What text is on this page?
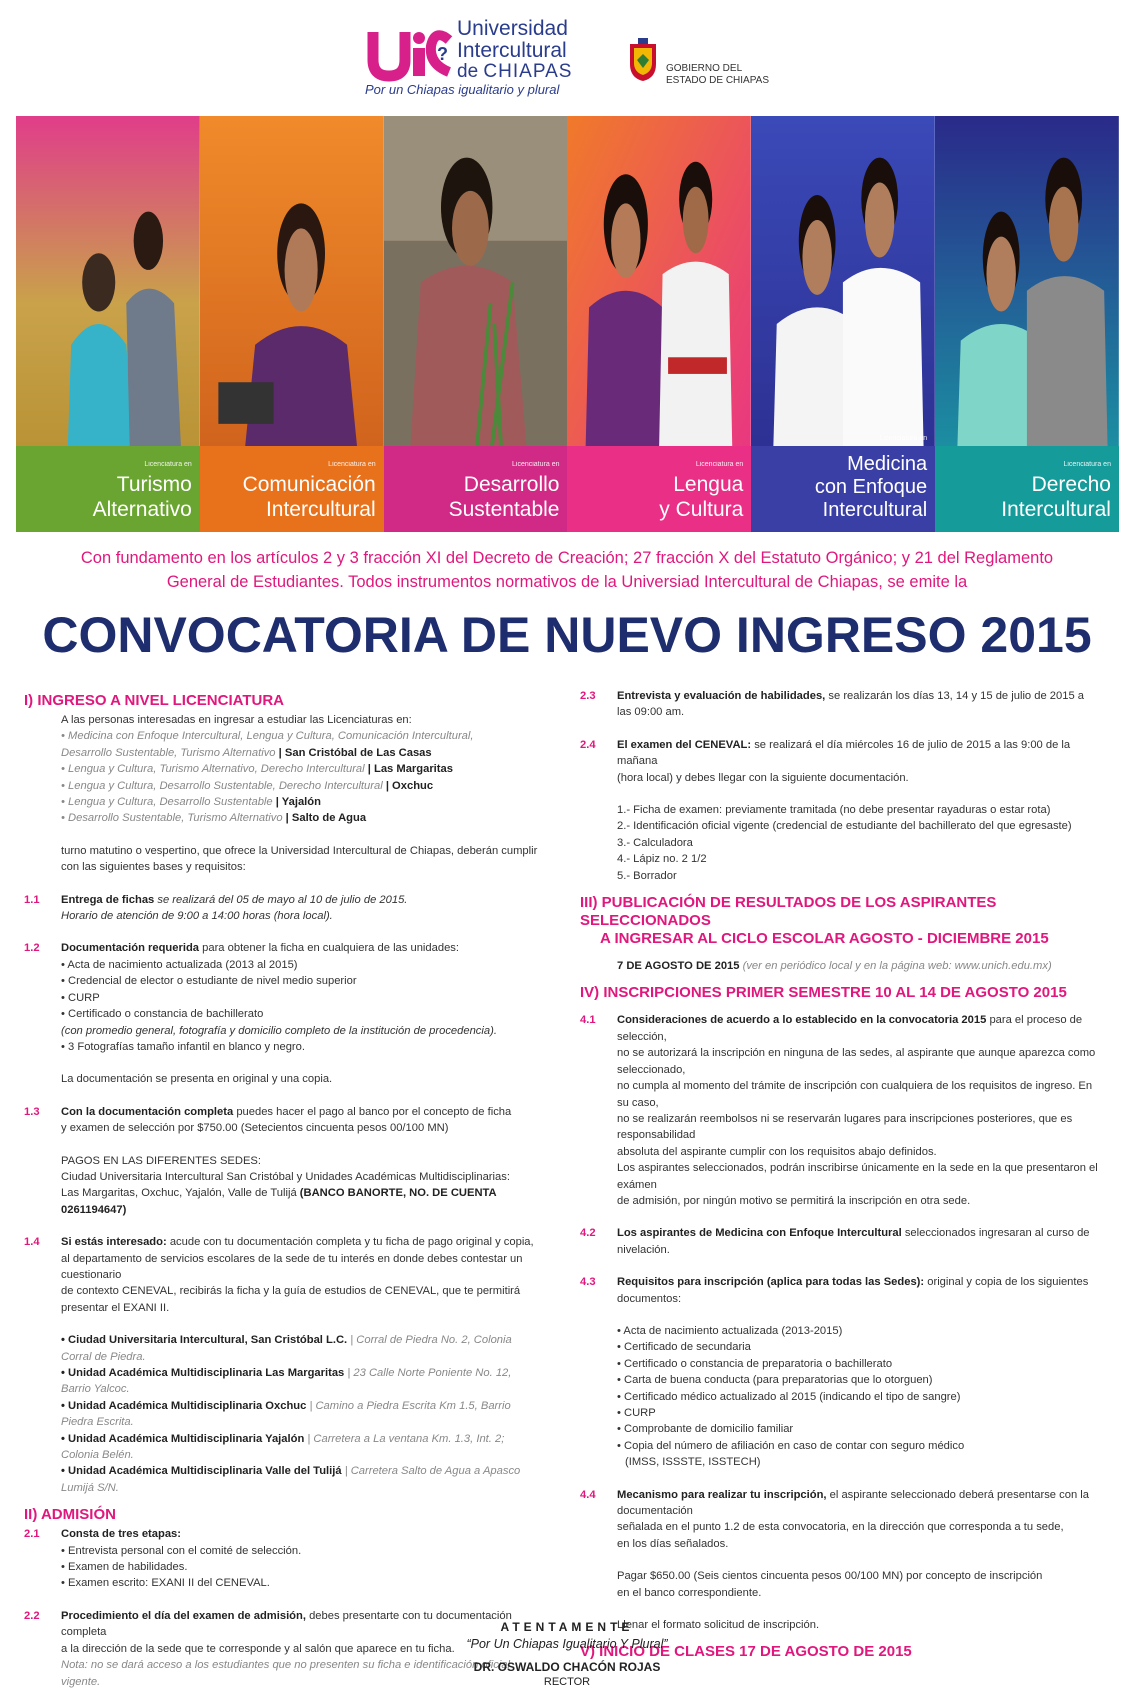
?
Universidad
Intercultural
de CHIAPAS
Por un Chiapas igualitario y plural
GOBIERNO DEL
ESTADO DE CHIAPAS
Licenciatura en
Turismo
Alternativo
Licenciatura en
Comunicación
Intercultural
Licenciatura en
Desarrollo
Sustentable
Licenciatura en
Lengua
y Cultura
Licenciatura en
Medicina
con Enfoque
Intercultural
Licenciatura en
Derecho
Intercultural
Con fundamento en los artículos 2 y 3 fracción XI del Decreto de Creación; 27 fracción X del Estatuto Orgánico; y 21 del Reglamento
General de Estudiantes. Todos instrumentos normativos de la Universiad Intercultural de Chiapas, se emite la
CONVOCATORIA DE NUEVO INGRESO 2015
I) INGRESO A NIVEL LICENCIATURA
A las personas interesadas en ingresar a estudiar las Licenciaturas en:
• Medicina con Enfoque Intercultural, Lengua y Cultura, Comunicación Intercultural,
Desarrollo Sustentable, Turismo Alternativo | San Cristóbal de Las Casas
• Lengua y Cultura, Turismo Alternativo, Derecho Intercultural | Las Margaritas
• Lengua y Cultura, Desarrollo Sustentable, Derecho Intercultural | Oxchuc
• Lengua y Cultura, Desarrollo Sustentable | Yajalón
• Desarrollo Sustentable, Turismo Alternativo | Salto de Agua
turno matutino o vespertino, que ofrece la Universidad Intercultural de Chiapas, deberán cumplir
con las siguientes bases y requisitos:
1.1 Entrega de fichas se realizará del 05 de mayo al 10 de julio de 2015.
Horario de atención de 9:00 a 14:00 horas (hora local).
1.2 Documentación requerida para obtener la ficha en cualquiera de las unidades:
• Acta de nacimiento actualizada (2013 al 2015)
• Credencial de elector o estudiante de nivel medio superior
• CURP
• Certificado o constancia de bachillerato
(con promedio general, fotografía y domicilio completo de la institución de procedencia).
• 3 Fotografías tamaño infantil en blanco y negro.
La documentación se presenta en original y una copia.
1.3 Con la documentación completa puedes hacer el pago al banco por el concepto de ficha
y examen de selección por $750.00 (Setecientos cincuenta pesos 00/100 MN)
PAGOS EN LAS DIFERENTES SEDES:
Ciudad Universitaria Intercultural San Cristóbal y Unidades Académicas Multidisciplinarias:
Las Margaritas, Oxchuc, Yajalón, Valle de Tulijá (BANCO BANORTE, NO. DE CUENTA 0261194647)
1.4 Si estás interesado: acude con tu documentación completa y tu ficha de pago original y copia,
al departamento de servicios escolares de la sede de tu interés en donde debes contestar un cuestionario
de contexto CENEVAL, recibirás la ficha y la guía de estudios de CENEVAL, que te permitirá presentar el EXANI II.
• Ciudad Universitaria Intercultural, San Cristóbal L.C. | Corral de Piedra No. 2, Colonia Corral de Piedra.
• Unidad Académica Multidisciplinaria Las Margaritas | 23 Calle Norte Poniente No. 12, Barrio Yalcoc.
• Unidad Académica Multidisciplinaria Oxchuc | Camino a Piedra Escrita Km 1.5, Barrio Piedra Escrita.
• Unidad Académica Multidisciplinaria Yajalón | Carretera a La ventana Km. 1.3, Int. 2; Colonia Belén.
• Unidad Académica Multidisciplinaria Valle del Tulijá | Carretera Salto de Agua a Apasco Lumijá S/N.
II) ADMISIÓN
2.1 Consta de tres etapas:
• Entrevista personal con el comité de selección.
• Examen de habilidades.
• Examen escrito: EXANI II del CENEVAL.
2.2 Procedimiento el día del examen de admisión, debes presentarte con tu documentación completa
a la dirección de la sede que te corresponde y al salón que aparece en tu ficha.
Nota: no se dará acceso a los estudiantes que no presenten su ficha e identificación oficial vigente.
2.3 Entrevista y evaluación de habilidades, se realizarán los días 13, 14 y 15 de julio de 2015 a las 09:00 am.
2.4 El examen del CENEVAL: se realizará el día miércoles 16 de julio de 2015 a las 9:00 de la mañana
(hora local) y debes llegar con la siguiente documentación.
1.- Ficha de examen: previamente tramitada (no debe presentar rayaduras o estar rota)
2.- Identificación oficial vigente (credencial de estudiante del bachillerato del que egresaste)
3.- Calculadora
4.- Lápiz no. 2 1/2
5.- Borrador
III) PUBLICACIÓN DE RESULTADOS DE LOS ASPIRANTES SELECCIONADOS
A INGRESAR AL CICLO ESCOLAR AGOSTO - DICIEMBRE 2015
7 DE AGOSTO DE 2015 (ver en periódico local y en la página web: www.unich.edu.mx)
IV) INSCRIPCIONES PRIMER SEMESTRE 10 AL 14 DE AGOSTO 2015
4.1 Consideraciones de acuerdo a lo establecido en la convocatoria 2015 para el proceso de selección,
no se autorizará la inscripción en ninguna de las sedes, al aspirante que aunque aparezca como seleccionado,
no cumpla al momento del trámite de inscripción con cualquiera de los requisitos de ingreso. En su caso,
no se realizarán reembolsos ni se reservarán lugares para inscripciones posteriores, que es responsabilidad
absoluta del aspirante cumplir con los requisitos abajo definidos.
Los aspirantes seleccionados, podrán inscribirse únicamente en la sede en la que presentaron el exámen
de admisión, por ningún motivo se permitirá la inscripción en otra sede.
4.2 Los aspirantes de Medicina con Enfoque Intercultural seleccionados ingresaran al curso de nivelación.
4.3 Requisitos para inscripción (aplica para todas las Sedes): original y copia de los siguientes documentos:
• Acta de nacimiento actualizada (2013-2015)
• Certificado de secundaria
• Certificado o constancia de preparatoria o bachillerato
• Carta de buena conducta (para preparatorias que lo otorguen)
• Certificado médico actualizado al 2015 (indicando el tipo de sangre)
• CURP
• Comprobante de domicilio familiar
• Copia del número de afiliación en caso de contar con seguro médico
(IMSS, ISSSTE, ISSTECH)
4.4 Mecanismo para realizar tu inscripción, el aspirante seleccionado deberá presentarse con la documentación
señalada en el punto 1.2 de esta convocatoria, en la dirección que corresponda a tu sede,
en los días señalados.
Pagar $650.00 (Seis cientos cincuenta pesos 00/100 MN) por concepto de inscripción
en el banco correspondiente.
Llenar el formato solicitud de inscripción.
V) INICIO DE CLASES 17 DE AGOSTO DE 2015
ATENTAMENTE
“Por Un Chiapas Igualitario Y Plural”
DR. OSWALDO CHACÓN ROJAS
RECTOR
